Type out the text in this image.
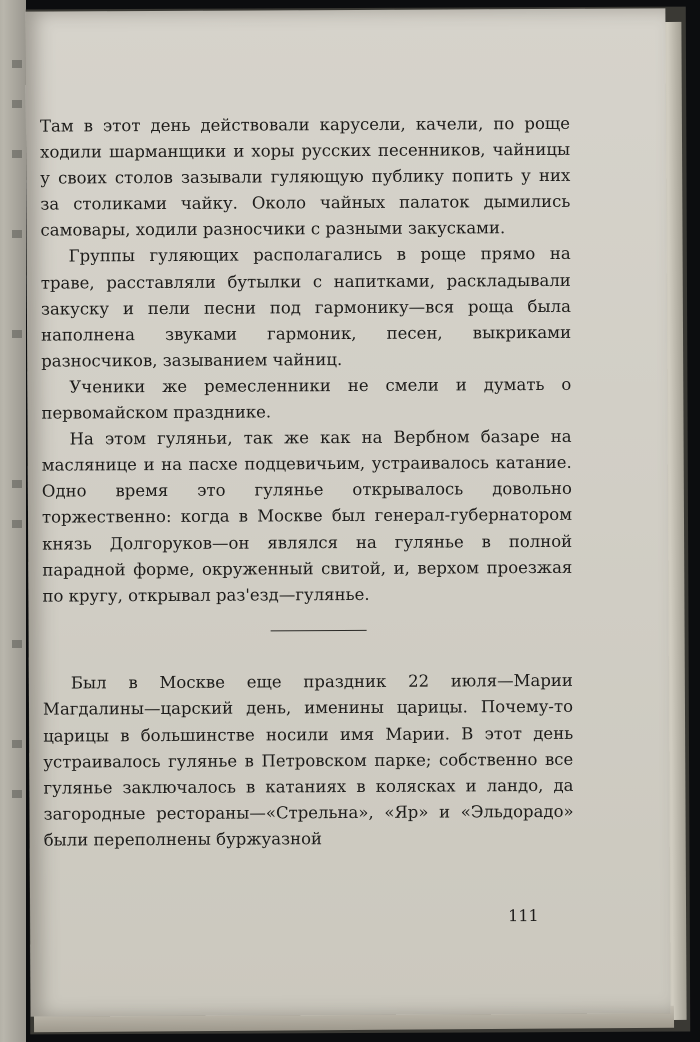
Там в этот день действовали карусели, качели, по роще ходили шарманщики и хоры русских песенников, чайницы у своих столов зазывали гуляющую публику попить у них за столиками чайку. Около чайных палаток дымились самовары, ходили разносчики с разными закусками.

Группы гуляющих располагались в роще прямо на траве, расставляли бутылки с напитками, раскладывали закуску и пели песни под гармонику—вся роща была наполнена звуками гармоник, песен, выкриками разносчиков, зазыванием чайниц.

Ученики же ремесленники не смели и думать о первомайском празднике.

На этом гуляньи, так же как на Вербном базаре на маслянице и на пасхе подцевичьим, устраивалось катание. Одно время это гулянье открывалось довольно торжественно: когда в Москве был генерал-губернатором князь Долгоруков—он являлся на гулянье в полной парадной форме, окруженный свитой, и, верхом проезжая по кругу, открывал раз'езд—гулянье.

Был в Москве еще праздник 22 июля—Марии Магдалины—царский день, именины царицы. Почему-то царицы в большинстве носили имя Марии. В этот день устраивалось гулянье в Петровском парке; собственно все гулянье заключалось в катаниях в колясках и ландо, да загородные рестораны—«Стрельна», «Яр» и «Эльдорадо» были переполнены буржуазной

111
